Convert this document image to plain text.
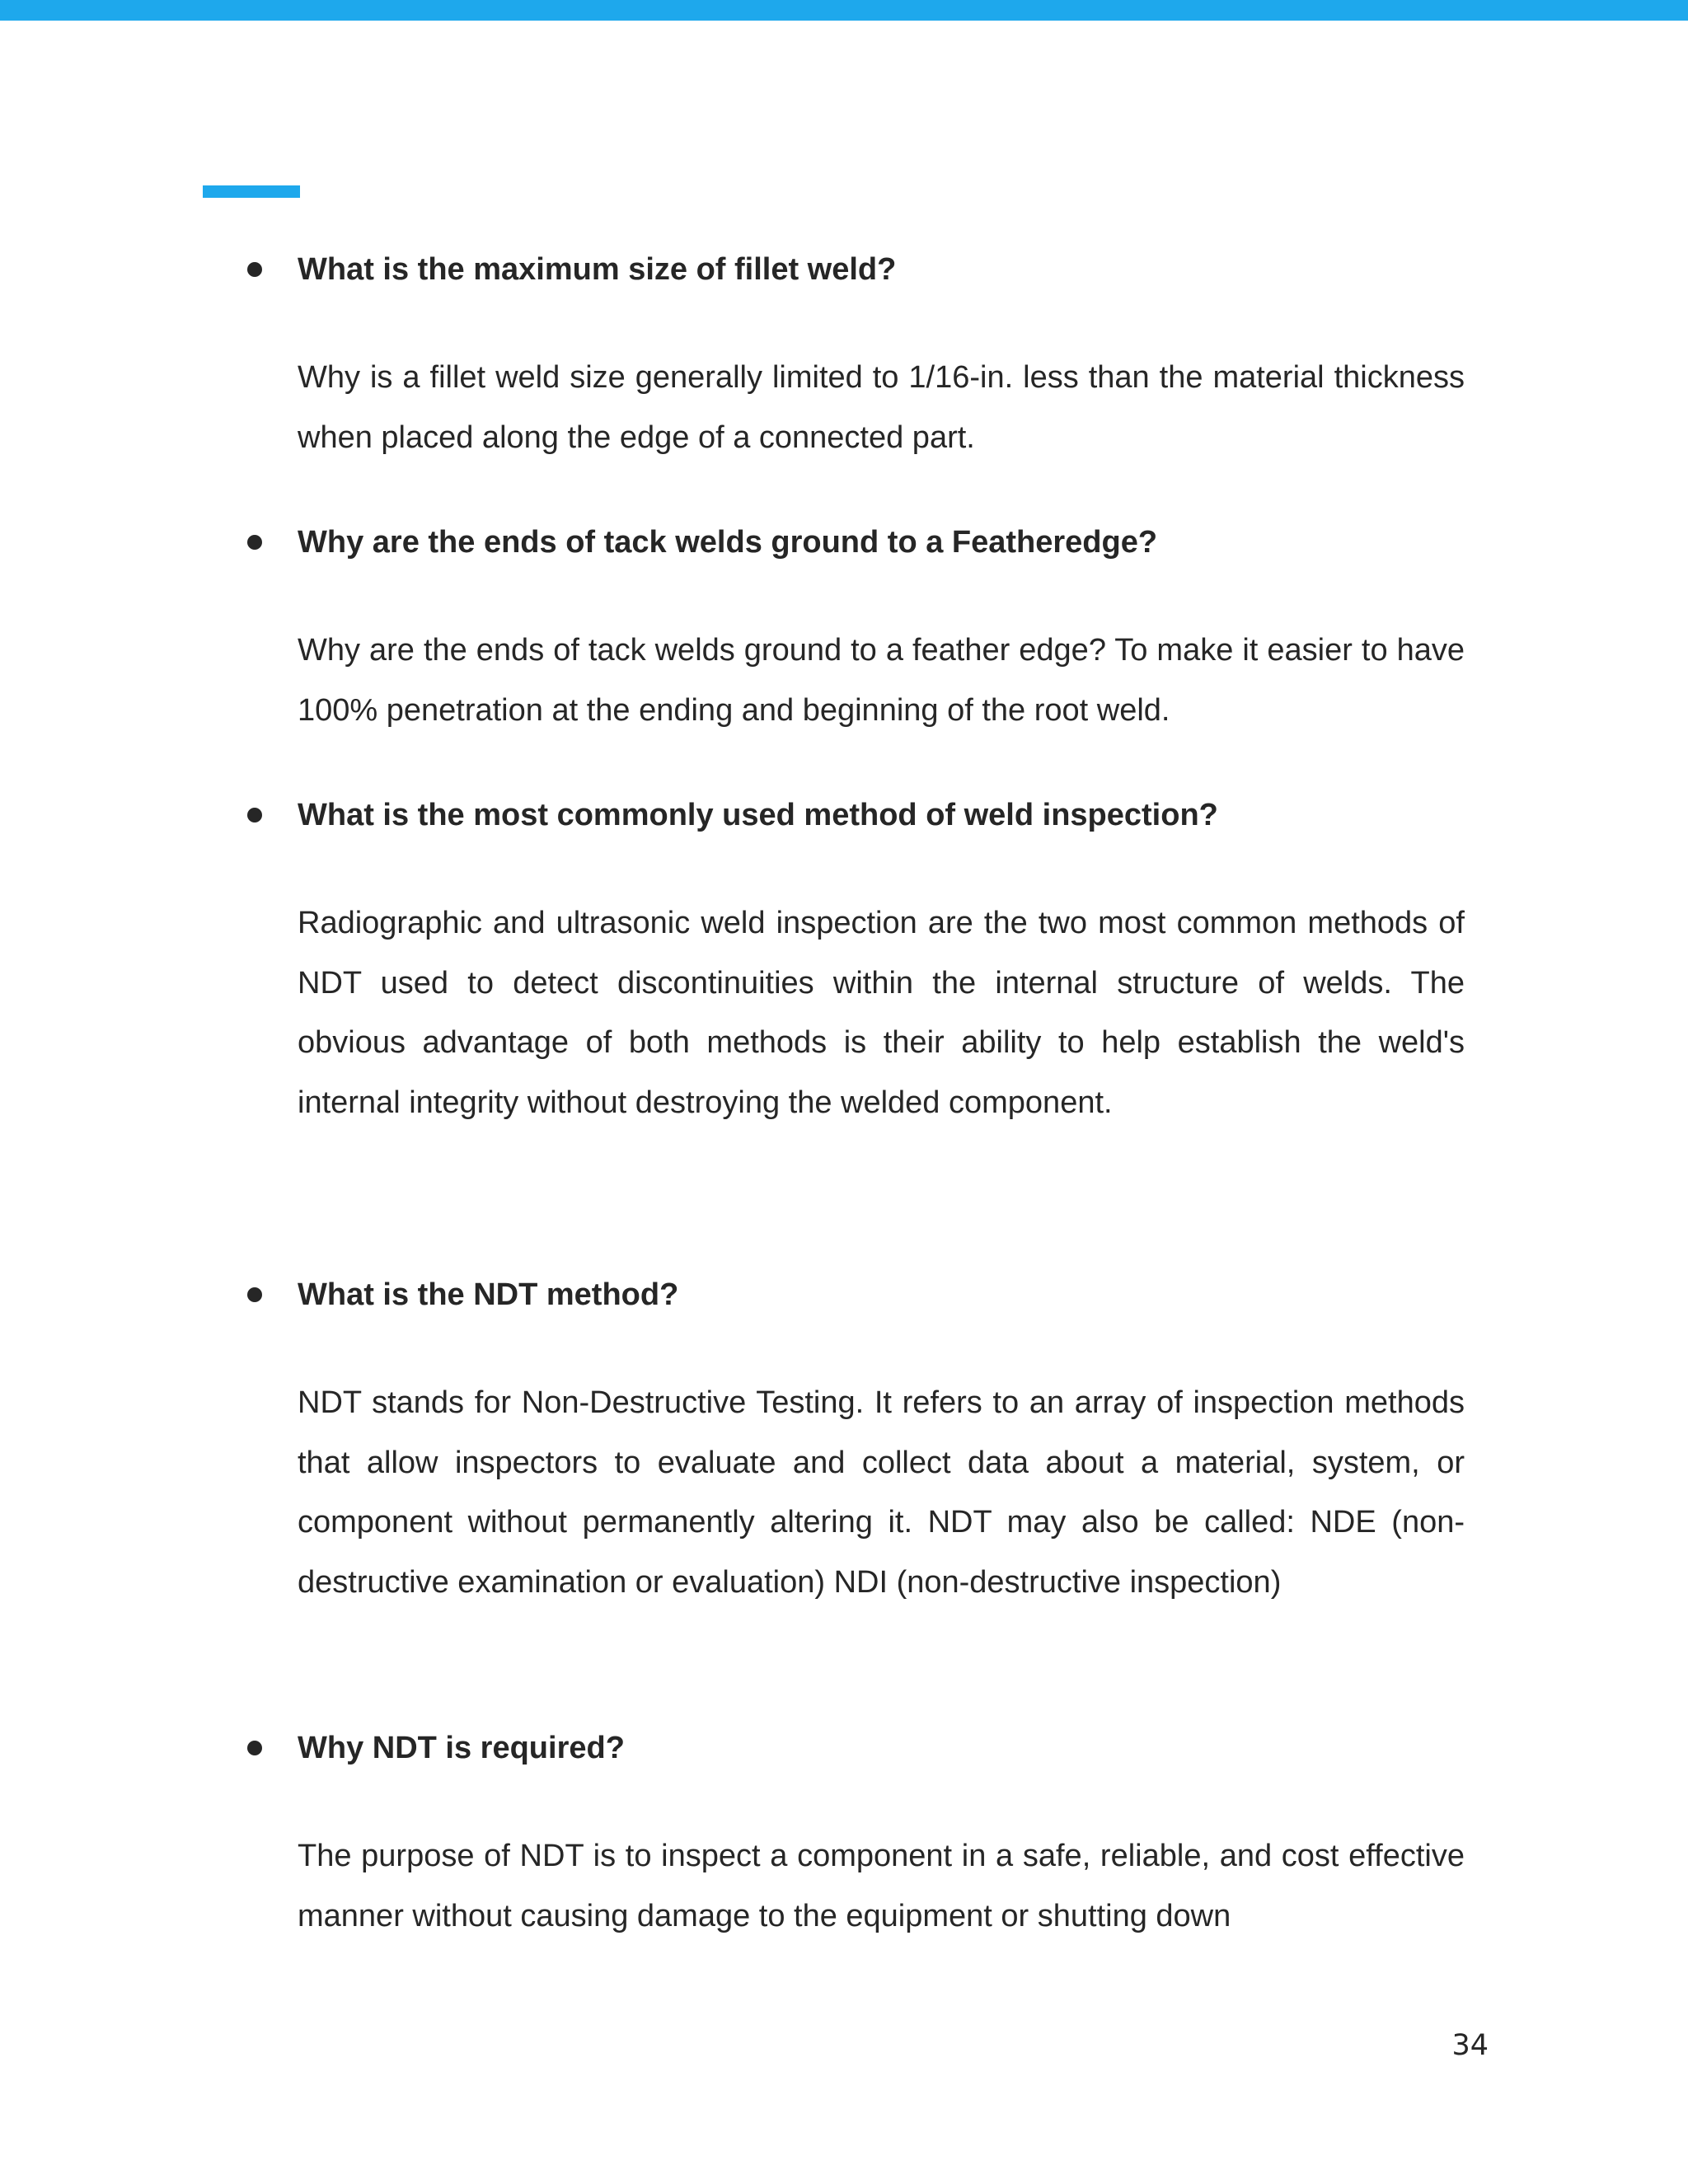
What is the maximum size of fillet weld?

Why is a fillet weld size generally limited to 1/16-in. less than the material thickness when placed along the edge of a connected part.

Why are the ends of tack welds ground to a Featheredge?

Why are the ends of tack welds ground to a feather edge? To make it easier to have 100% penetration at the ending and beginning of the root weld.

What is the most commonly used method of weld inspection?

Radiographic and ultrasonic weld inspection are the two most common methods of NDT used to detect discontinuities within the internal structure of welds. The obvious advantage of both methods is their ability to help establish the weld's internal integrity without destroying the welded component.

What is the NDT method?

NDT stands for Non-Destructive Testing. It refers to an array of inspection methods that allow inspectors to evaluate and collect data about a material, system, or component without permanently altering it. NDT may also be called: NDE (non-destructive examination or evaluation) NDI (non-destructive inspection)

Why NDT is required?

The purpose of NDT is to inspect a component in a safe, reliable, and cost effective manner without causing damage to the equipment or shutting down

34
